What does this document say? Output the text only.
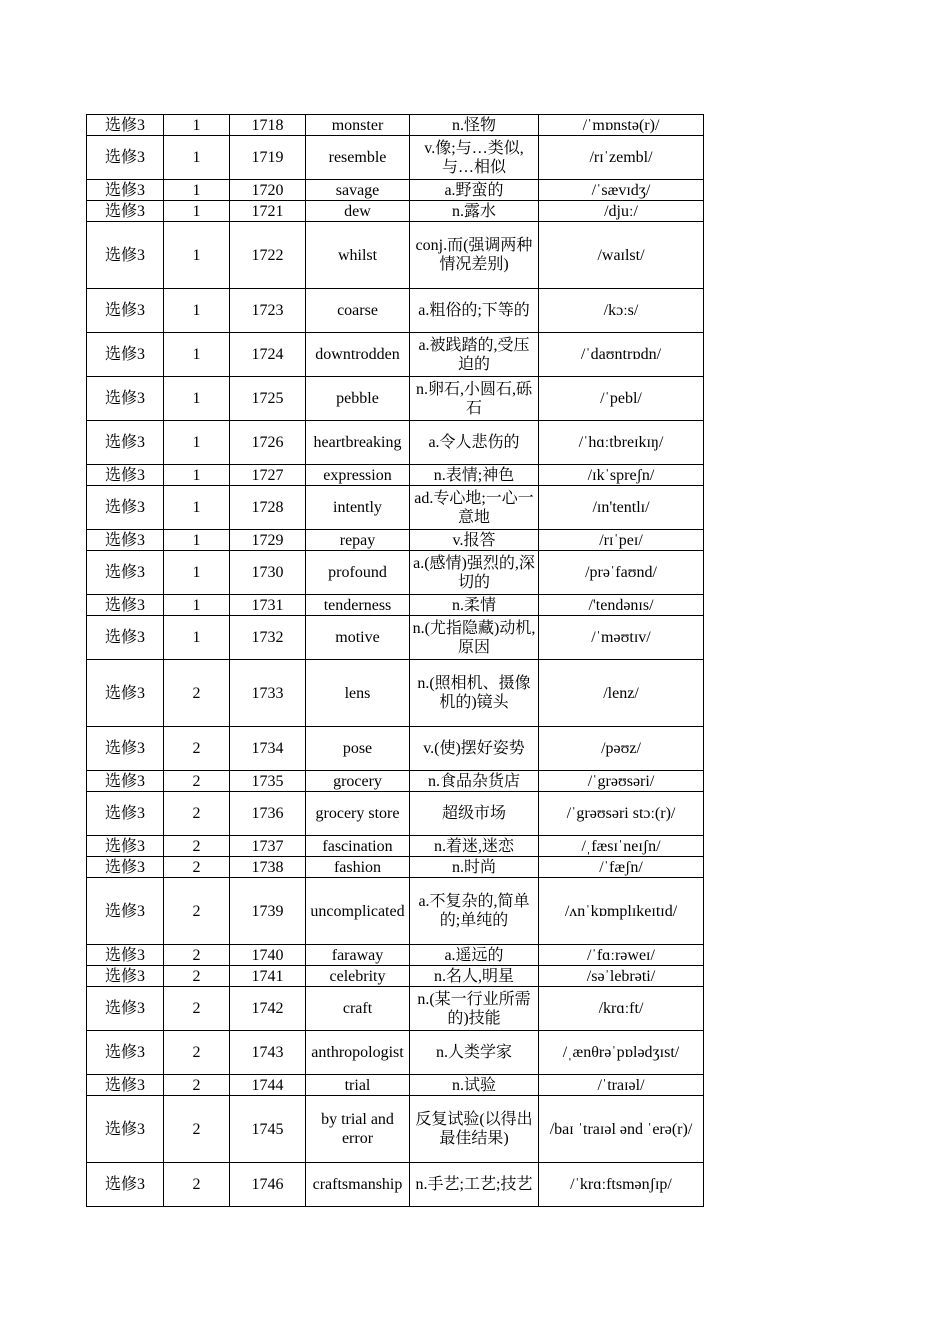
选修3	1	1718	monster	n.怪物	/ˈmɒnstə(r)/
选修3	1	1719	resemble	v.像;与…类似,与…相似	/rɪˈzembl/
选修3	1	1720	savage	a.野蛮的	/ˈsævɪdʒ/
选修3	1	1721	dew	n.露水	/djuː/
选修3	1	1722	whilst	conj.而(强调两种情况差别)	/waɪlst/
选修3	1	1723	coarse	a.粗俗的;下等的	/kɔːs/
选修3	1	1724	downtrodden	a.被践踏的,受压迫的	/ˈdaʊntrɒdn/
选修3	1	1725	pebble	n.卵石,小圆石,砾石	/ˈpebl/
选修3	1	1726	heartbreaking	a.令人悲伤的	/ˈhɑːtbreɪkɪŋ/
选修3	1	1727	expression	n.表情;神色	/ɪkˈspreʃn/
选修3	1	1728	intently	ad.专心地;一心一意地	/ɪn'tentlɪ/
选修3	1	1729	repay	v.报答	/rɪˈpeɪ/
选修3	1	1730	profound	a.(感情)强烈的,深切的	/prəˈfaʊnd/
选修3	1	1731	tenderness	n.柔情	/'tendənɪs/
选修3	1	1732	motive	n.(尤指隐藏)动机,原因	/ˈməʊtɪv/
选修3	2	1733	lens	n.(照相机、摄像机的)镜头	/lenz/
选修3	2	1734	pose	v.(使)摆好姿势	/pəʊz/
选修3	2	1735	grocery	n.食品杂货店	/ˈgrəʊsəri/
选修3	2	1736	grocery store	超级市场	/ˈgrəʊsəri stɔː(r)/
选修3	2	1737	fascination	n.着迷,迷恋	/ˌfæsɪˈneɪʃn/
选修3	2	1738	fashion	n.时尚	/ˈfæʃn/
选修3	2	1739	uncomplicated	a.不复杂的,简单的;单纯的	/ʌnˈkɒmplɪkeɪtɪd/
选修3	2	1740	faraway	a.遥远的	/ˈfɑːrəweɪ/
选修3	2	1741	celebrity	n.名人,明星	/səˈlebrəti/
选修3	2	1742	craft	n.(某一行业所需的)技能	/krɑːft/
选修3	2	1743	anthropologist	n.人类学家	/ˌænθrəˈpɒlədʒɪst/
选修3	2	1744	trial	n.试验	/ˈtraɪəl/
选修3	2	1745	by trial and error	反复试验(以得出最佳结果)	/baɪ ˈtraɪəl ənd ˈerə(r)/
选修3	2	1746	craftsmanship	n.手艺;工艺;技艺	/ˈkrɑːftsmənʃɪp/
